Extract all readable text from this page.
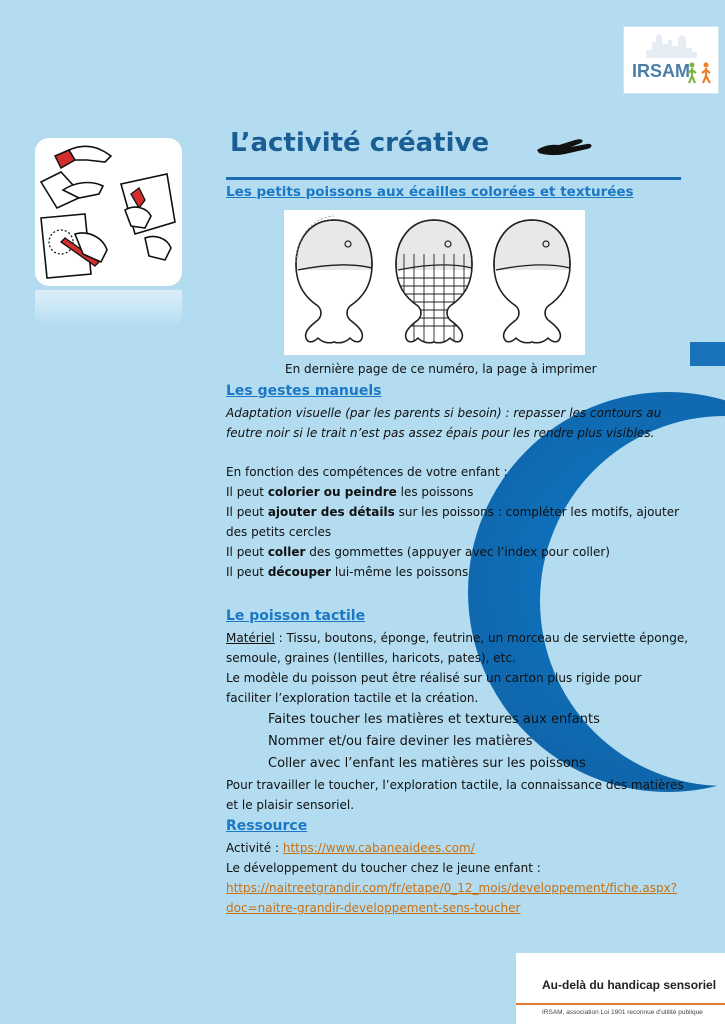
IRSAM
L’activité créative
Les petits poissons aux écailles colorées et texturées
En dernière page de ce numéro, la page à imprimer
Les gestes manuels
Adaptation visuelle (par les parents si besoin) : repasser les contours au
feutre noir si le trait n’est pas assez épais pour les rendre plus visibles.
En fonction des compétences de votre enfant :
Il peut colorier ou peindre les poissons
Il peut ajouter des détails sur les poissons : compléter les motifs, ajouter
des petits cercles
Il peut coller des gommettes (appuyer avec l’index pour coller)
Il peut découper lui-même les poissons
Le poisson tactile
Matériel : Tissu, boutons, éponge, feutrine, un morceau de serviette éponge,
semoule, graines (lentilles, haricots, pates), etc.
Le modèle du poisson peut être réalisé sur un carton plus rigide pour
faciliter l’exploration tactile et la création.
Faites toucher les matières et textures aux enfants
Nommer et/ou faire deviner les matières
Coller avec l’enfant les matières sur les poissons
Pour travailler le toucher, l’exploration tactile, la connaissance des matières
et le plaisir sensoriel.
Ressource
Activité : https://www.cabaneaidees.com/
Le développement du toucher chez le jeune enfant :
https://naitreetgrandir.com/fr/etape/0_12_mois/developpement/fiche.aspx?
doc=naitre-grandir-developpement-sens-toucher
Au-delà du handicap sensoriel
IRSAM, association Loi 1901 reconnue d’utilité publique
